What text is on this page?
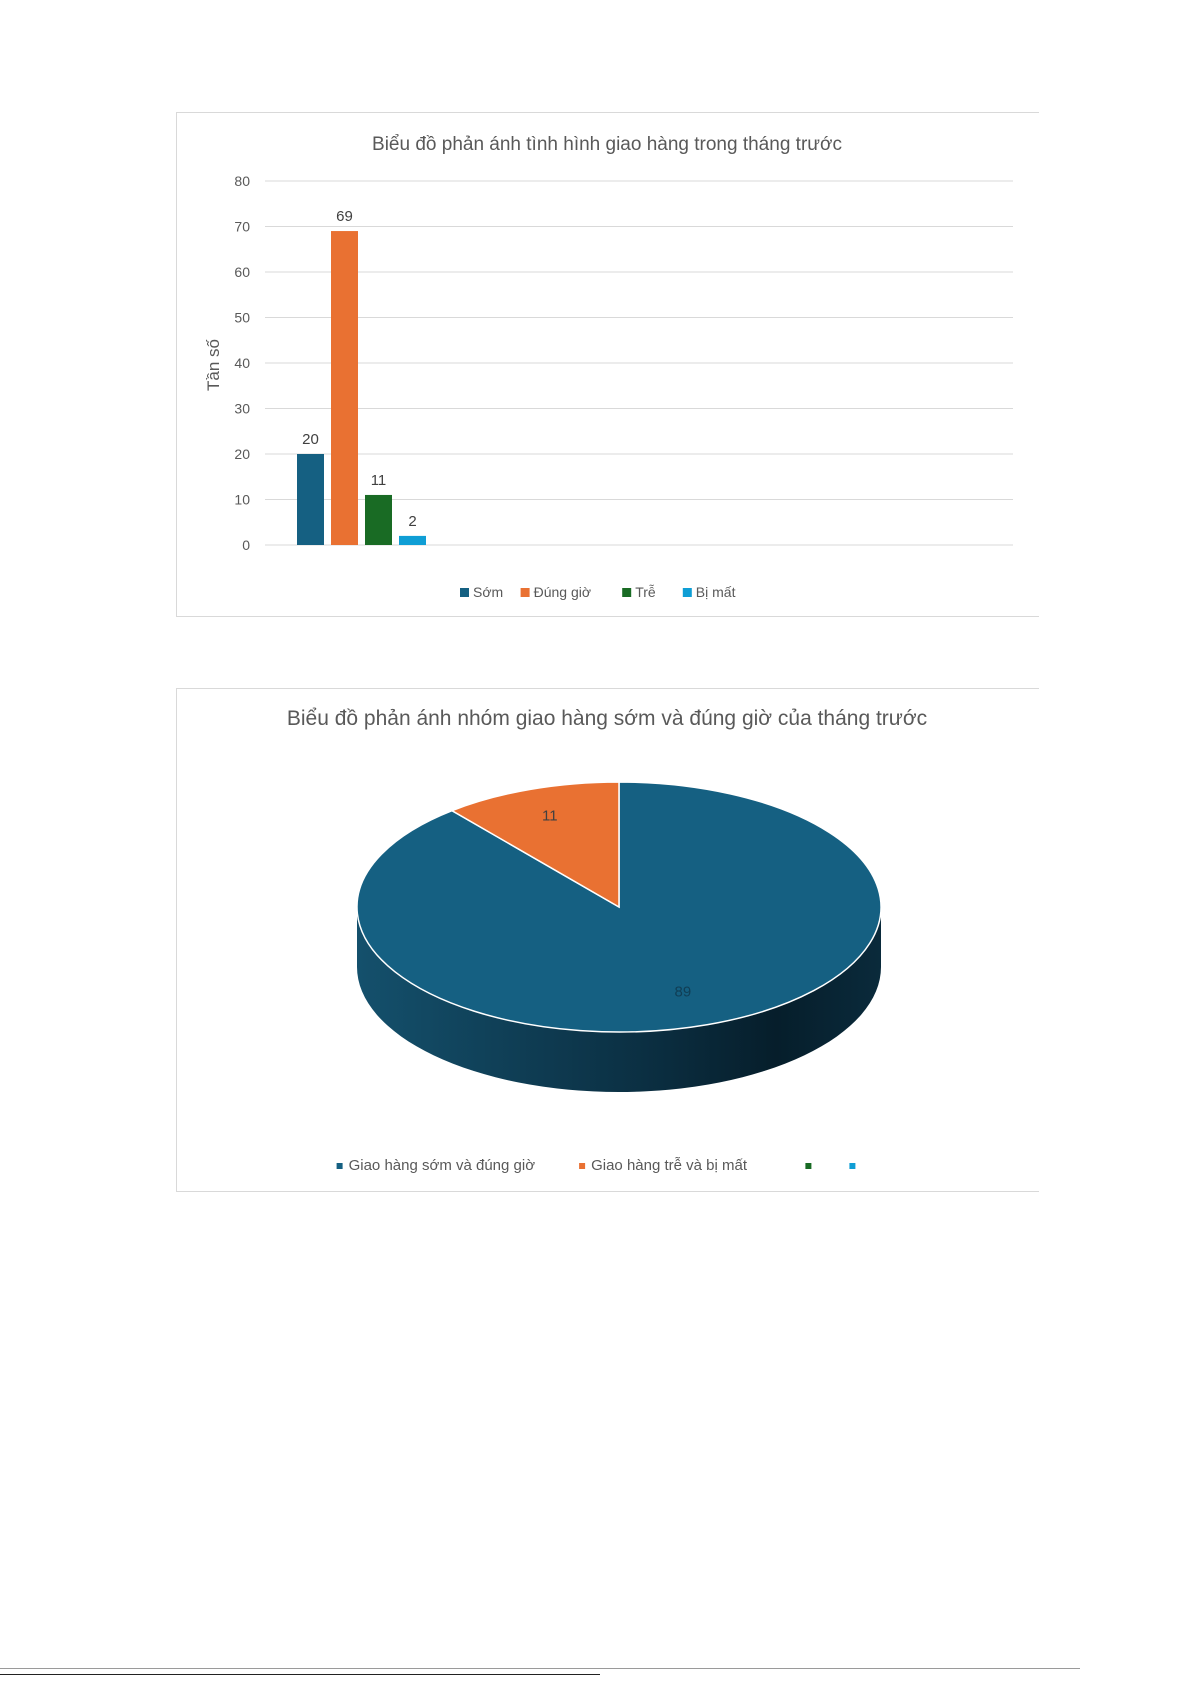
Biểu đồ phản ánh tình hình giao hàng trong tháng trước
Tần số
0
10
20
30
40
50
60
70
80
20
69
11
2
Sớm Đúng giờ	Trễ	Bị mất
Biểu đồ phản ánh nhóm giao hàng sớm và đúng giờ của tháng trước
89
11
Giao hàng sớm và đúng giờ	Giao hàng trễ và bị mất
